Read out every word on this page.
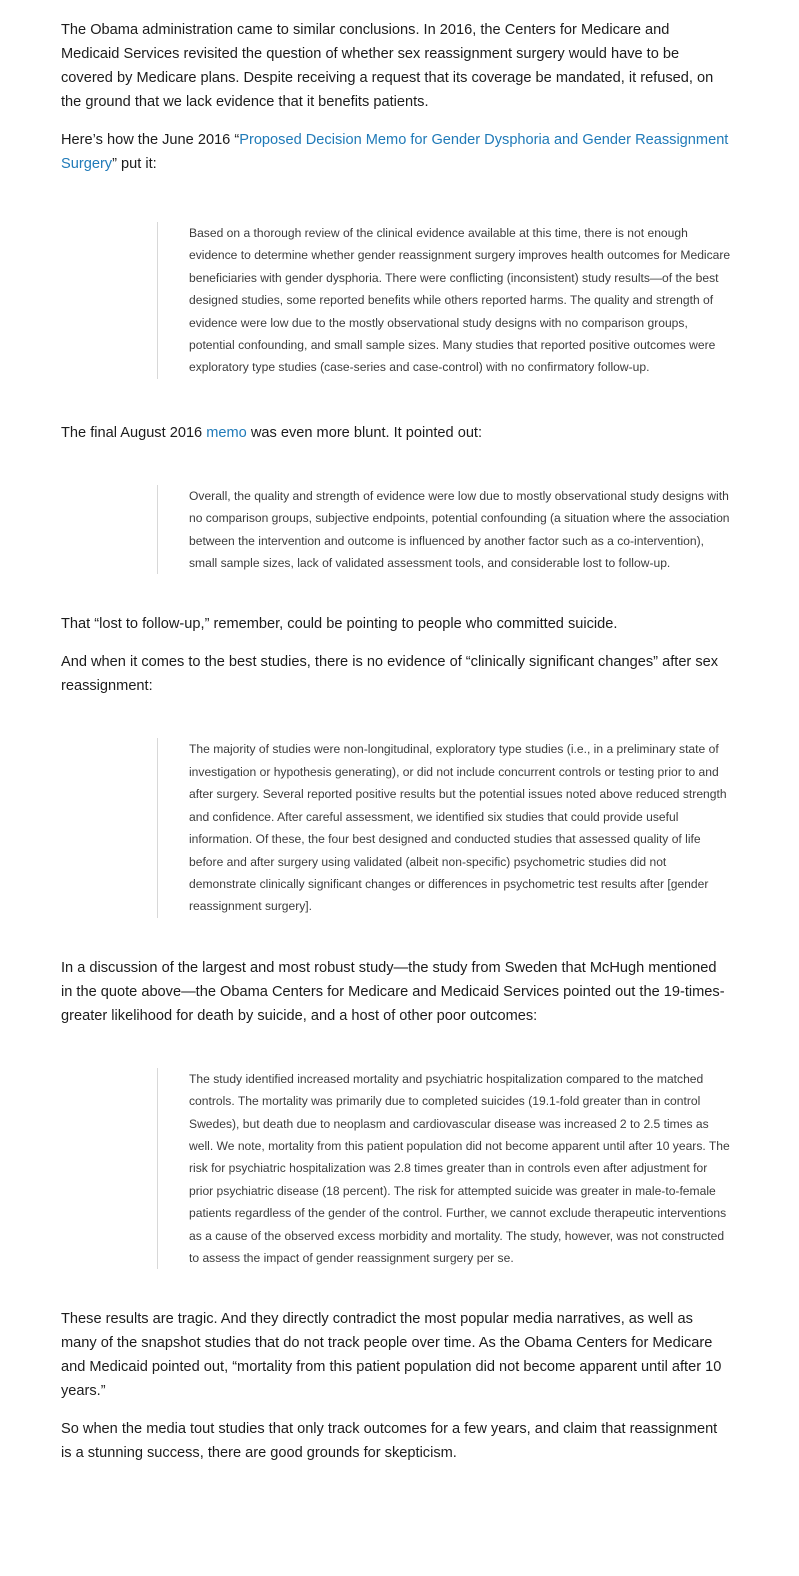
The Obama administration came to similar conclusions. In 2016, the Centers for Medicare and Medicaid Services revisited the question of whether sex reassignment surgery would have to be covered by Medicare plans. Despite receiving a request that its coverage be mandated, it refused, on the ground that we lack evidence that it benefits patients.

Here’s how the June 2016 “Proposed Decision Memo for Gender Dysphoria and Gender Reassignment Surgery” put it:

Based on a thorough review of the clinical evidence available at this time, there is not enough evidence to determine whether gender reassignment surgery improves health outcomes for Medicare beneficiaries with gender dysphoria. There were conflicting (inconsistent) study results—of the best designed studies, some reported benefits while others reported harms. The quality and strength of evidence were low due to the mostly observational study designs with no comparison groups, potential confounding, and small sample sizes. Many studies that reported positive outcomes were exploratory type studies (case-series and case-control) with no confirmatory follow-up.

The final August 2016 memo was even more blunt. It pointed out:

Overall, the quality and strength of evidence were low due to mostly observational study designs with no comparison groups, subjective endpoints, potential confounding (a situation where the association between the intervention and outcome is influenced by another factor such as a co-intervention), small sample sizes, lack of validated assessment tools, and considerable lost to follow-up.

That “lost to follow-up,” remember, could be pointing to people who committed suicide.

And when it comes to the best studies, there is no evidence of “clinically significant changes” after sex reassignment:

The majority of studies were non-longitudinal, exploratory type studies (i.e., in a preliminary state of investigation or hypothesis generating), or did not include concurrent controls or testing prior to and after surgery. Several reported positive results but the potential issues noted above reduced strength and confidence. After careful assessment, we identified six studies that could provide useful information. Of these, the four best designed and conducted studies that assessed quality of life before and after surgery using validated (albeit non-specific) psychometric studies did not demonstrate clinically significant changes or differences in psychometric test results after [gender reassignment surgery].

In a discussion of the largest and most robust study—the study from Sweden that McHugh mentioned in the quote above—the Obama Centers for Medicare and Medicaid Services pointed out the 19-times-greater likelihood for death by suicide, and a host of other poor outcomes:

The study identified increased mortality and psychiatric hospitalization compared to the matched controls. The mortality was primarily due to completed suicides (19.1-fold greater than in control Swedes), but death due to neoplasm and cardiovascular disease was increased 2 to 2.5 times as well. We note, mortality from this patient population did not become apparent until after 10 years. The risk for psychiatric hospitalization was 2.8 times greater than in controls even after adjustment for prior psychiatric disease (18 percent). The risk for attempted suicide was greater in male-to-female patients regardless of the gender of the control. Further, we cannot exclude therapeutic interventions as a cause of the observed excess morbidity and mortality. The study, however, was not constructed to assess the impact of gender reassignment surgery per se.

These results are tragic. And they directly contradict the most popular media narratives, as well as many of the snapshot studies that do not track people over time. As the Obama Centers for Medicare and Medicaid pointed out, “mortality from this patient population did not become apparent until after 10 years.”

So when the media tout studies that only track outcomes for a few years, and claim that reassignment is a stunning success, there are good grounds for skepticism.
